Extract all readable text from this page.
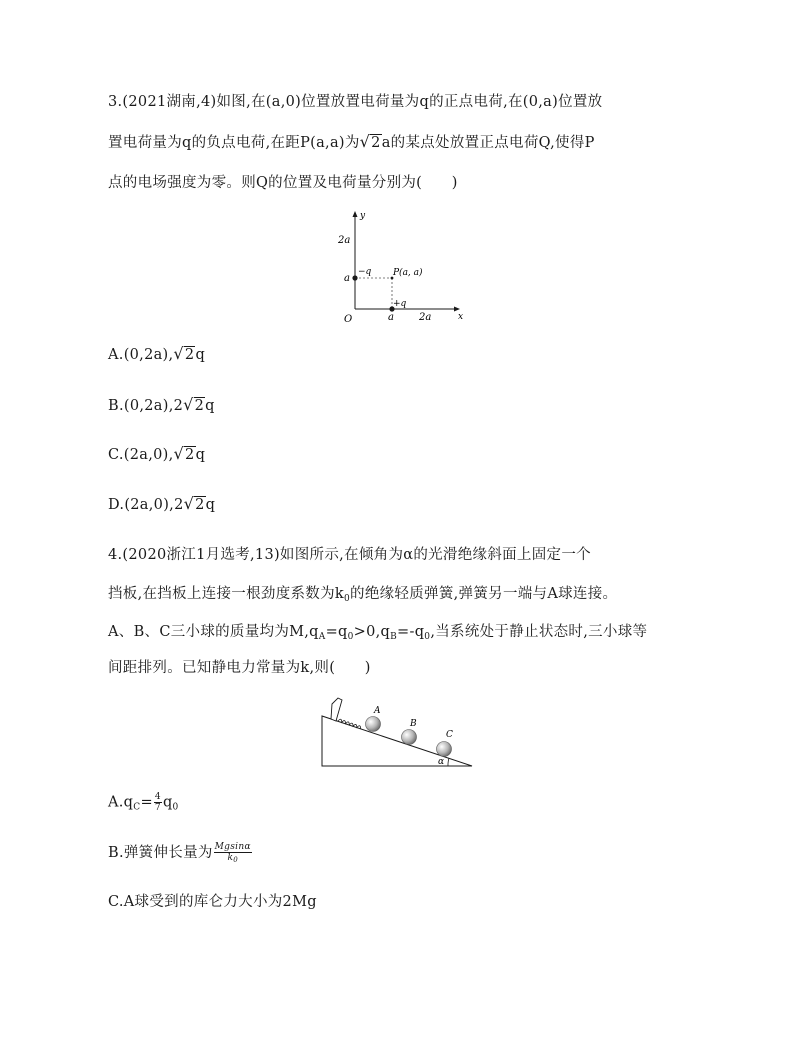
3.(2021湖南,4)如图,在(a,0)位置放置电荷量为q的正点电荷,在(0,a)位置放
置电荷量为q的负点电荷,在距P(a,a)为√2a的某点处放置正点电荷Q,使得P
点的电场强度为零。则Q的位置及电荷量分别为(　　)
y
x
O
2a
a
a	2a
−q
+q
P(a, a)
A.(0,2a),√2q
B.(0,2a),2√2q
C.(2a,0),√2q
D.(2a,0),2√2q
4.(2020浙江1月选考,13)如图所示,在倾角为α的光滑绝缘斜面上固定一个
挡板,在挡板上连接一根劲度系数为$k_0$的绝缘轻质弹簧,弹簧另一端与A球连接。
A、B、C三小球的质量均为$M,q_A=q_0>0,q_B=-q_0$,当系统处于静止状态时,三小球等
间距排列。已知静电力常量为k,则(　　)
A
B
C
α
$A.q_C= \frac{4}{7} q_0$
B.弹簧伸长量为 $\frac{Mgsin\alpha}{k_0}$
C.A球受到的库仑力大小为2Mg
